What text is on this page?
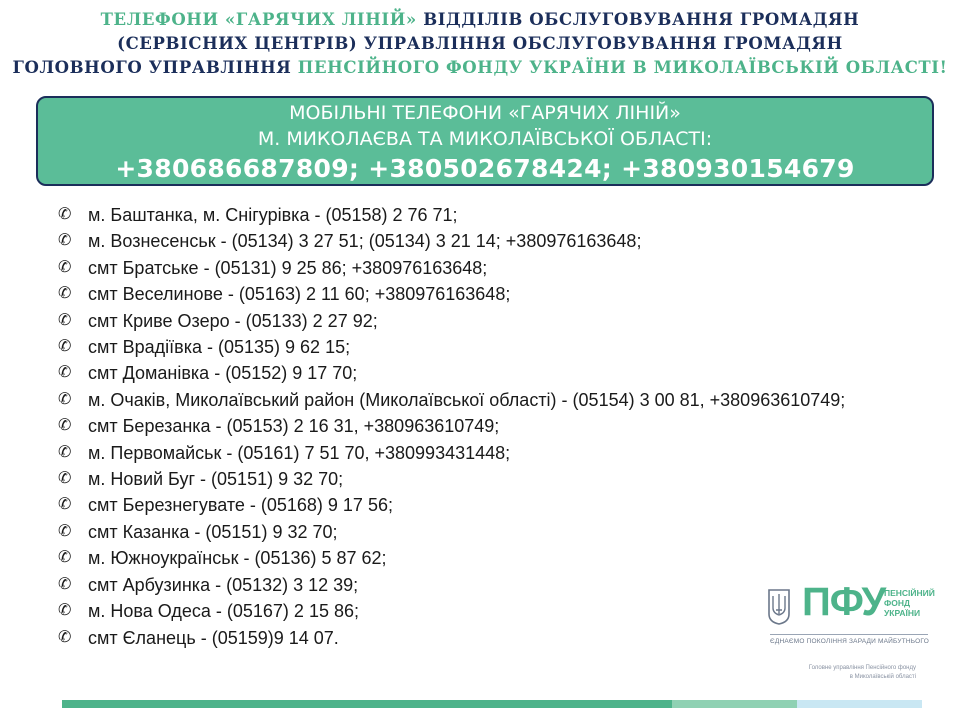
ТЕЛЕФОНИ «ГАРЯЧИХ ЛІНІЙ» ВІДДІЛІВ ОБСЛУГОВУВАННЯ ГРОМАДЯН
(СЕРВІСНИХ ЦЕНТРІВ) УПРАВЛІННЯ ОБСЛУГОВУВАННЯ ГРОМАДЯН
ГОЛОВНОГО УПРАВЛІННЯ ПЕНСІЙНОГО ФОНДУ УКРАЇНИ В МИКОЛАЇВСЬКІЙ ОБЛАСТІ!
МОБІЛЬНІ ТЕЛЕФОНИ «ГАРЯЧИХ ЛІНІЙ»
М. МИКОЛАЄВА ТА МИКОЛАЇВСЬКОЇ ОБЛАСТІ:
+380686687809; +380502678424; +380930154679
✆ м. Баштанка, м. Снігурівка - (05158) 2 76 71;
✆ м. Вознесенськ - (05134) 3 27 51; (05134) 3 21 14; +380976163648;
✆ смт Братське - (05131) 9 25 86; +380976163648;
✆ смт Веселинове - (05163) 2 11 60; +380976163648;
✆ смт Криве Озеро - (05133) 2 27 92;
✆ смт Врадіївка - (05135) 9 62 15;
✆ смт Доманівка - (05152) 9 17 70;
✆ м. Очаків, Миколаївський район (Миколаївської області) - (05154) 3 00 81, +380963610749;
✆ смт Березанка - (05153) 2 16 31, +380963610749;
✆ м. Первомайськ - (05161) 7 51 70, +380993431448;
✆ м. Новий Буг - (05151) 9 32 70;
✆ смт Березнегувате - (05168) 9 17 56;
✆ смт Казанка - (05151) 9 32 70;
✆ м. Южноукраїнськ - (05136) 5 87 62;
✆ смт Арбузинка - (05132) 3 12 39;
✆ м. Нова Одеса - (05167) 2 15 86;
✆ смт Єланець - (05159)9 14 07.
ПФУ
ПЕНСІЙНИЙ
ФОНД
УКРАЇНИ
ЄДНАЄМО ПОКОЛІННЯ ЗАРАДИ МАЙБУТНЬОГО
Головне управління Пенсійного фонду
в Миколаївській області
